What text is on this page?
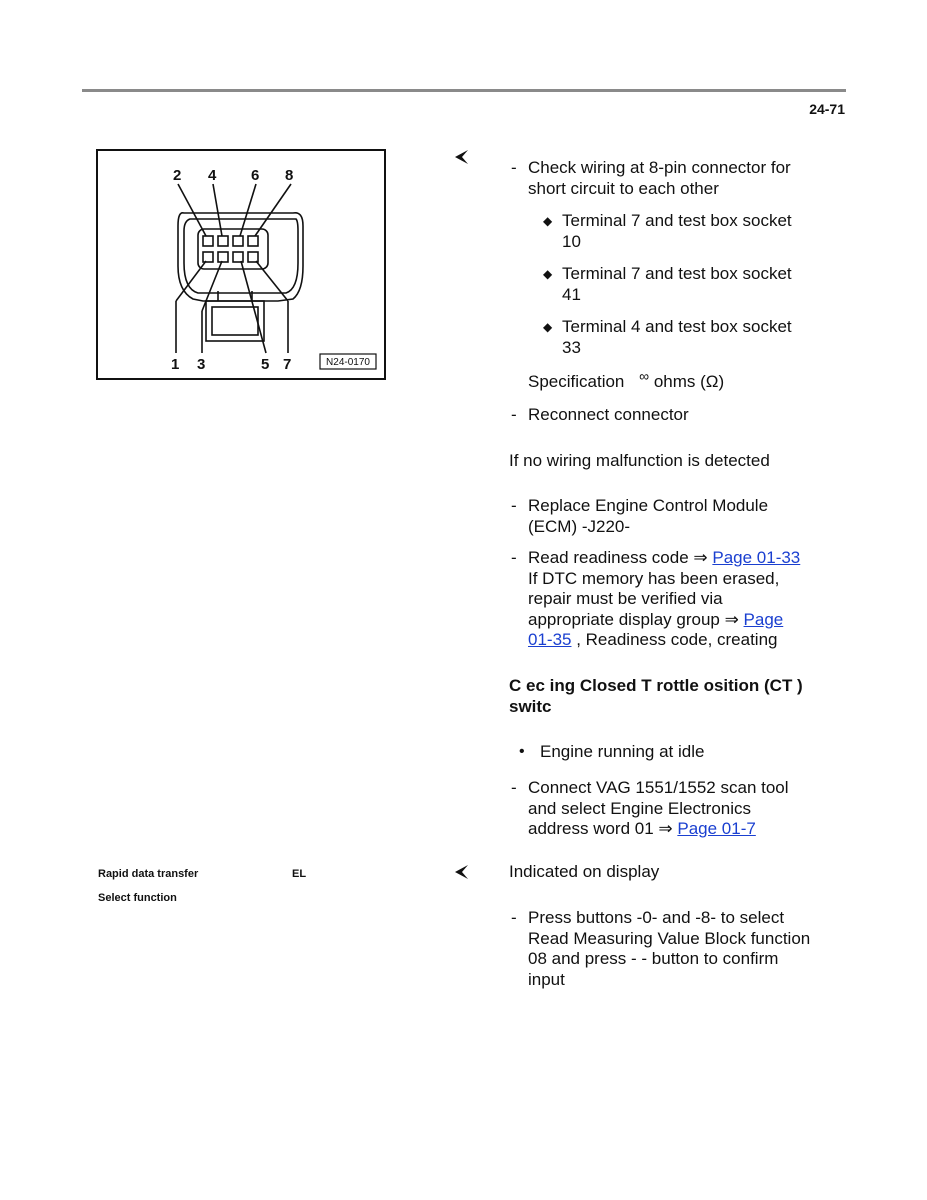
24-71
2 4 6 8
1 3	5 7	N24-0170
- Check wiring at 8-pin connector for short circuit to each other
◆ Terminal 7 and test box socket 10
◆ Terminal 7 and test box socket 41
◆ Terminal 4 and test box socket 33
Specification ∞ ohms (Ω)
- Reconnect connector
If no wiring malfunction is detected
- Replace Engine Control Module (ECM) -J220-
- Read readiness code ⇒ Page 01-33 If DTC memory has been erased, repair must be verified via appropriate display group ⇒ Page 01-35 , Readiness code, creating
C ec ing Closed T rottle osition (CT ) switc
• Engine running at idle
- Connect VAG 1551/1552 scan tool and select Engine Electronics address word 01 ⇒ Page 01-7
Rapid data transfer	EL
Select function
Indicated on display
- Press buttons -0- and -8- to select Read Measuring Value Block function 08 and press - - button to confirm input
